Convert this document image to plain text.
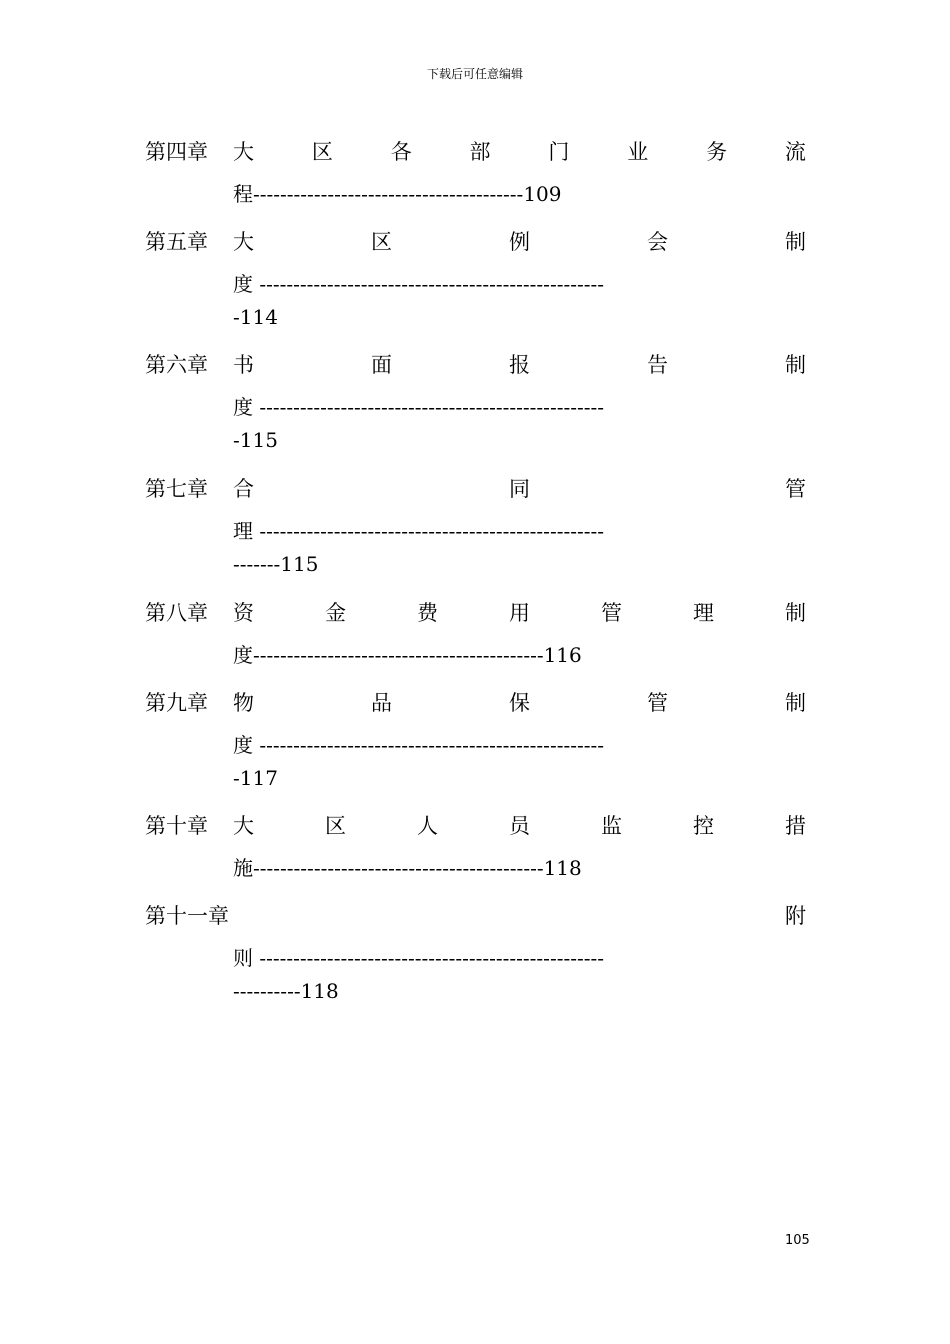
下载后可任意编辑
第四章 大	区	各	部	门	业	务	流
程----------------------------------------109
第五章 大	区	例	会	制
度 ---------------------------------------------------
-114
第六章 书	面	报	告	制
度 ---------------------------------------------------
-115
第七章 合	同	管
理 ---------------------------------------------------
-------115
第八章 资	金	费	用	管	理	制
度-------------------------------------------116
第九章 物	品	保	管	制
度 ---------------------------------------------------
-117
第十章 大	区	人	员	监	控	措
施-------------------------------------------118
第十一章	附
则 ---------------------------------------------------
----------118
105
